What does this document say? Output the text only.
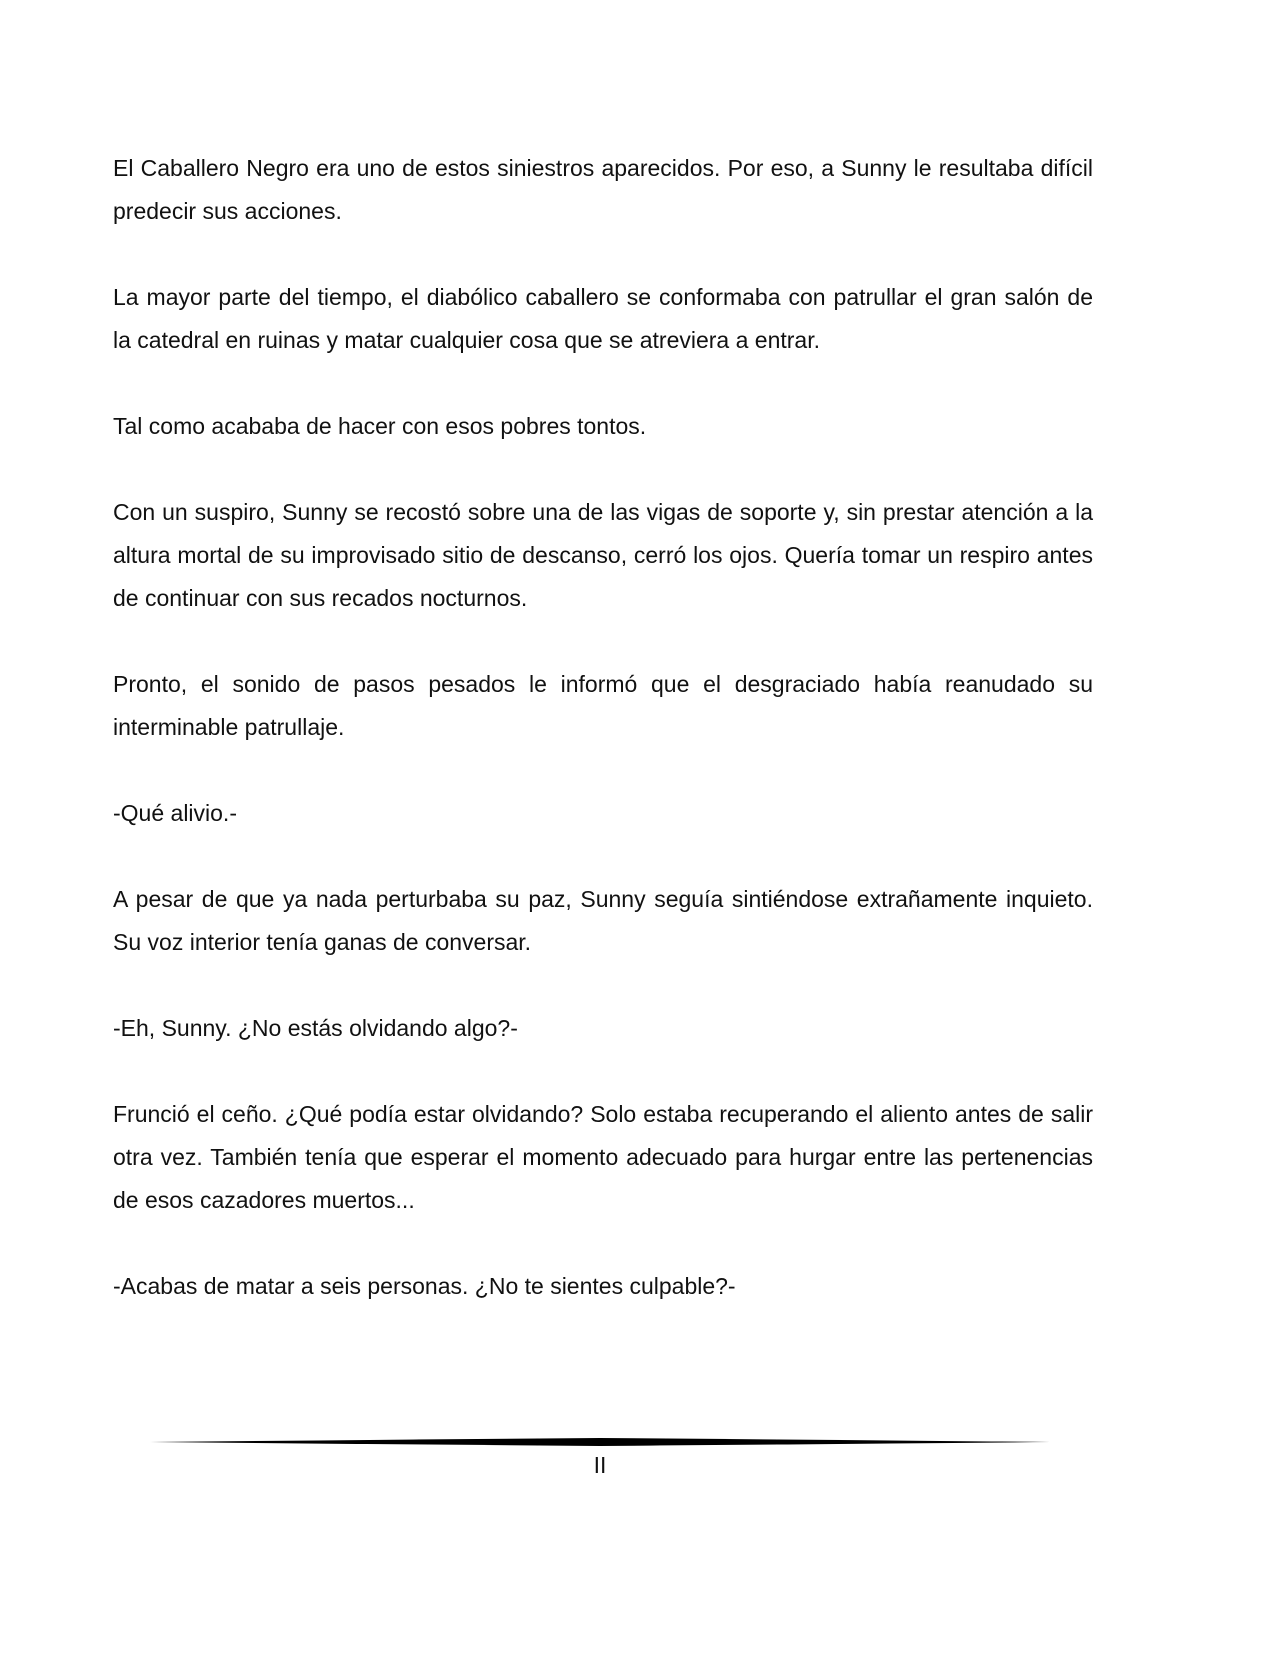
El Caballero Negro era uno de estos siniestros aparecidos. Por eso, a Sunny le resultaba difícil predecir sus acciones.

La mayor parte del tiempo, el diabólico caballero se conformaba con patrullar el gran salón de la catedral en ruinas y matar cualquier cosa que se atreviera a entrar.

Tal como acababa de hacer con esos pobres tontos.

Con un suspiro, Sunny se recostó sobre una de las vigas de soporte y, sin prestar atención a la altura mortal de su improvisado sitio de descanso, cerró los ojos. Quería tomar un respiro antes de continuar con sus recados nocturnos.

Pronto, el sonido de pasos pesados le informó que el desgraciado había reanudado su interminable patrullaje.

-Qué alivio.-

A pesar de que ya nada perturbaba su paz, Sunny seguía sintiéndose extrañamente inquieto. Su voz interior tenía ganas de conversar.

-Eh, Sunny. ¿No estás olvidando algo?-

Frunció el ceño. ¿Qué podía estar olvidando? Solo estaba recuperando el aliento antes de salir otra vez. También tenía que esperar el momento adecuado para hurgar entre las pertenencias de esos cazadores muertos...

-Acabas de matar a seis personas. ¿No te sientes culpable?-

II
